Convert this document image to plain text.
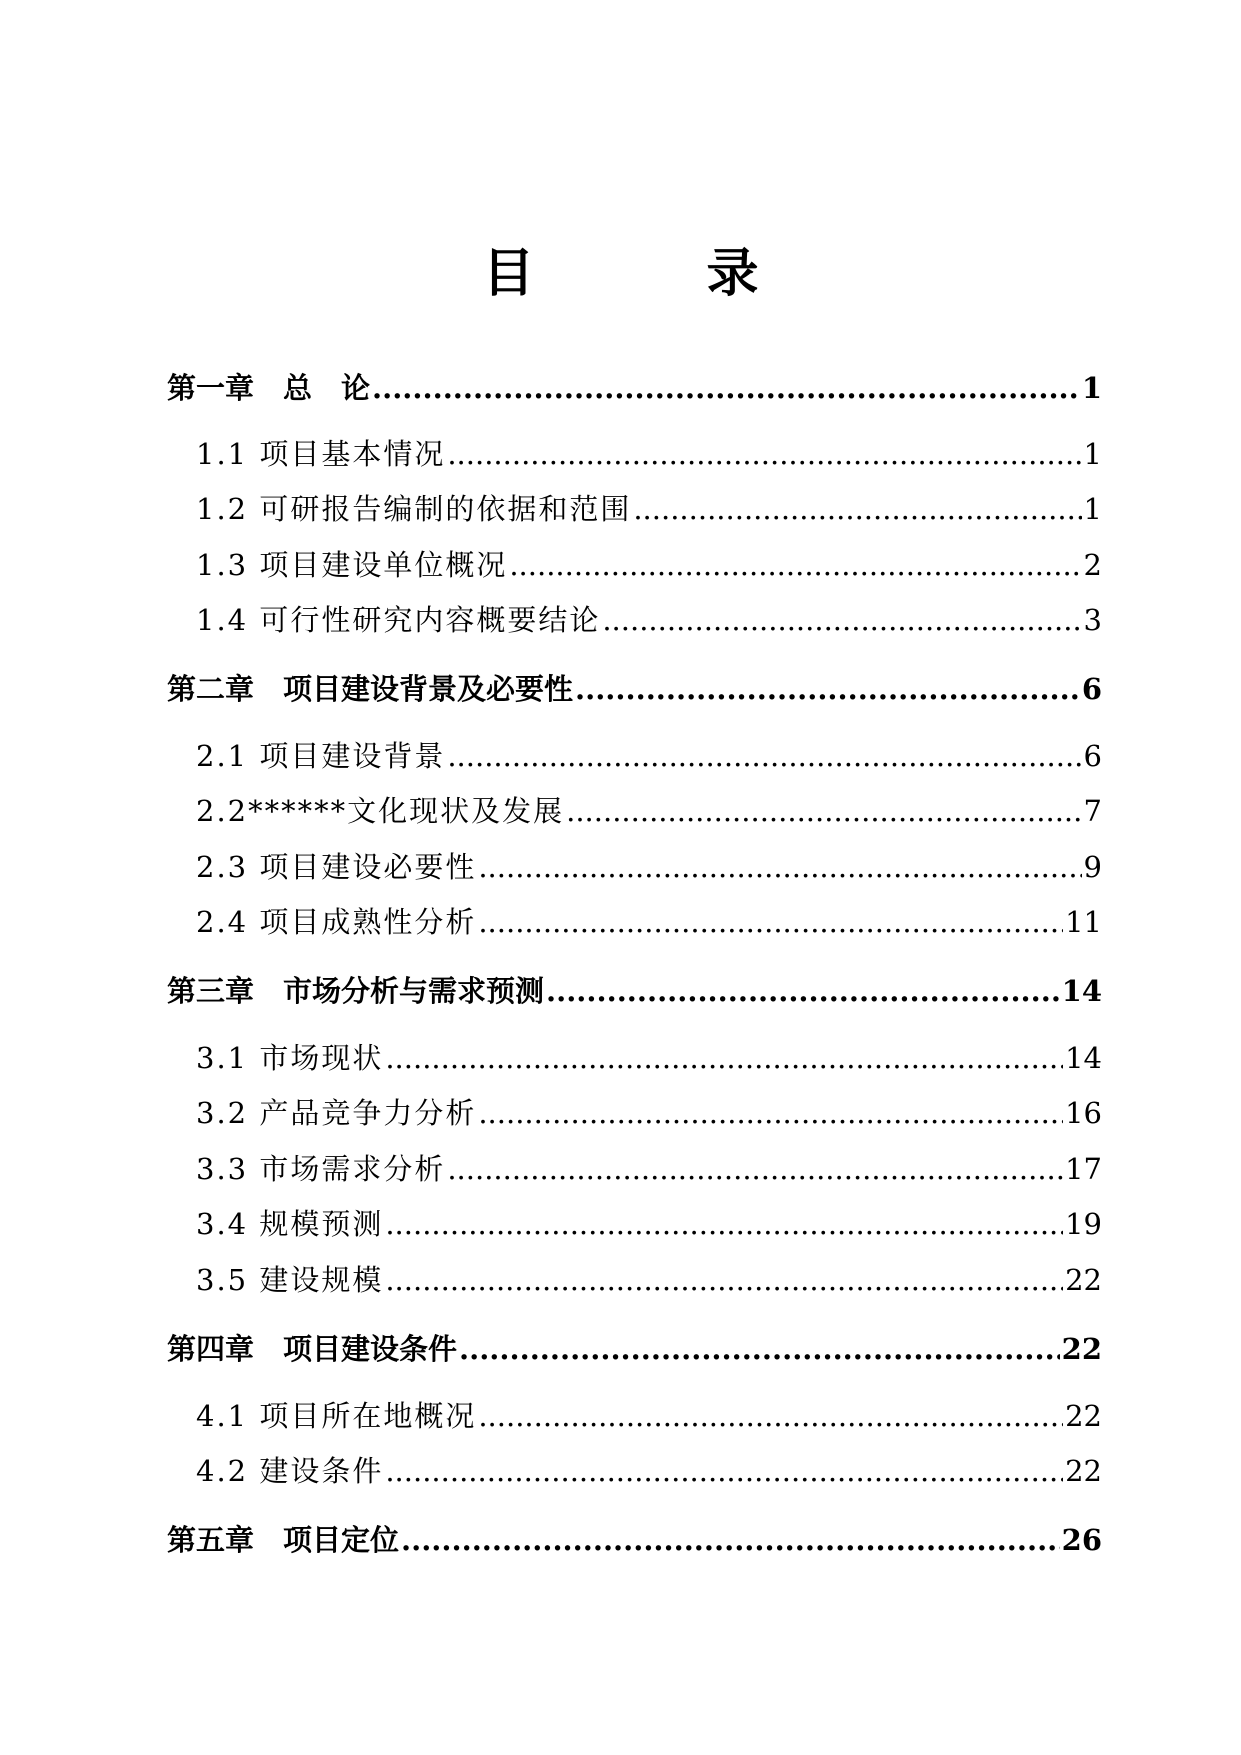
目　录
第一章　总　论 .....	1
1.1 项目基本情况 .....	1
1.2 可研报告编制的依据和范围 .....	1
1.3 项目建设单位概况 .....	2
1.4 可行性研究内容概要结论 .....	3
第二章　项目建设背景及必要性 .....	6
2.1 项目建设背景 .....	6
2.2******文化现状及发展 .....	7
2.3 项目建设必要性 .....	9
2.4 项目成熟性分析 .....	11
第三章　市场分析与需求预测 .....	14
3.1 市场现状 .....	14
3.2 产品竞争力分析 .....	16
3.3 市场需求分析 .....	17
3.4 规模预测 .....	19
3.5 建设规模 .....	22
第四章　项目建设条件 .....	22
4.1 项目所在地概况 .....	22
4.2 建设条件 .....	22
第五章　项目定位 .....	26
